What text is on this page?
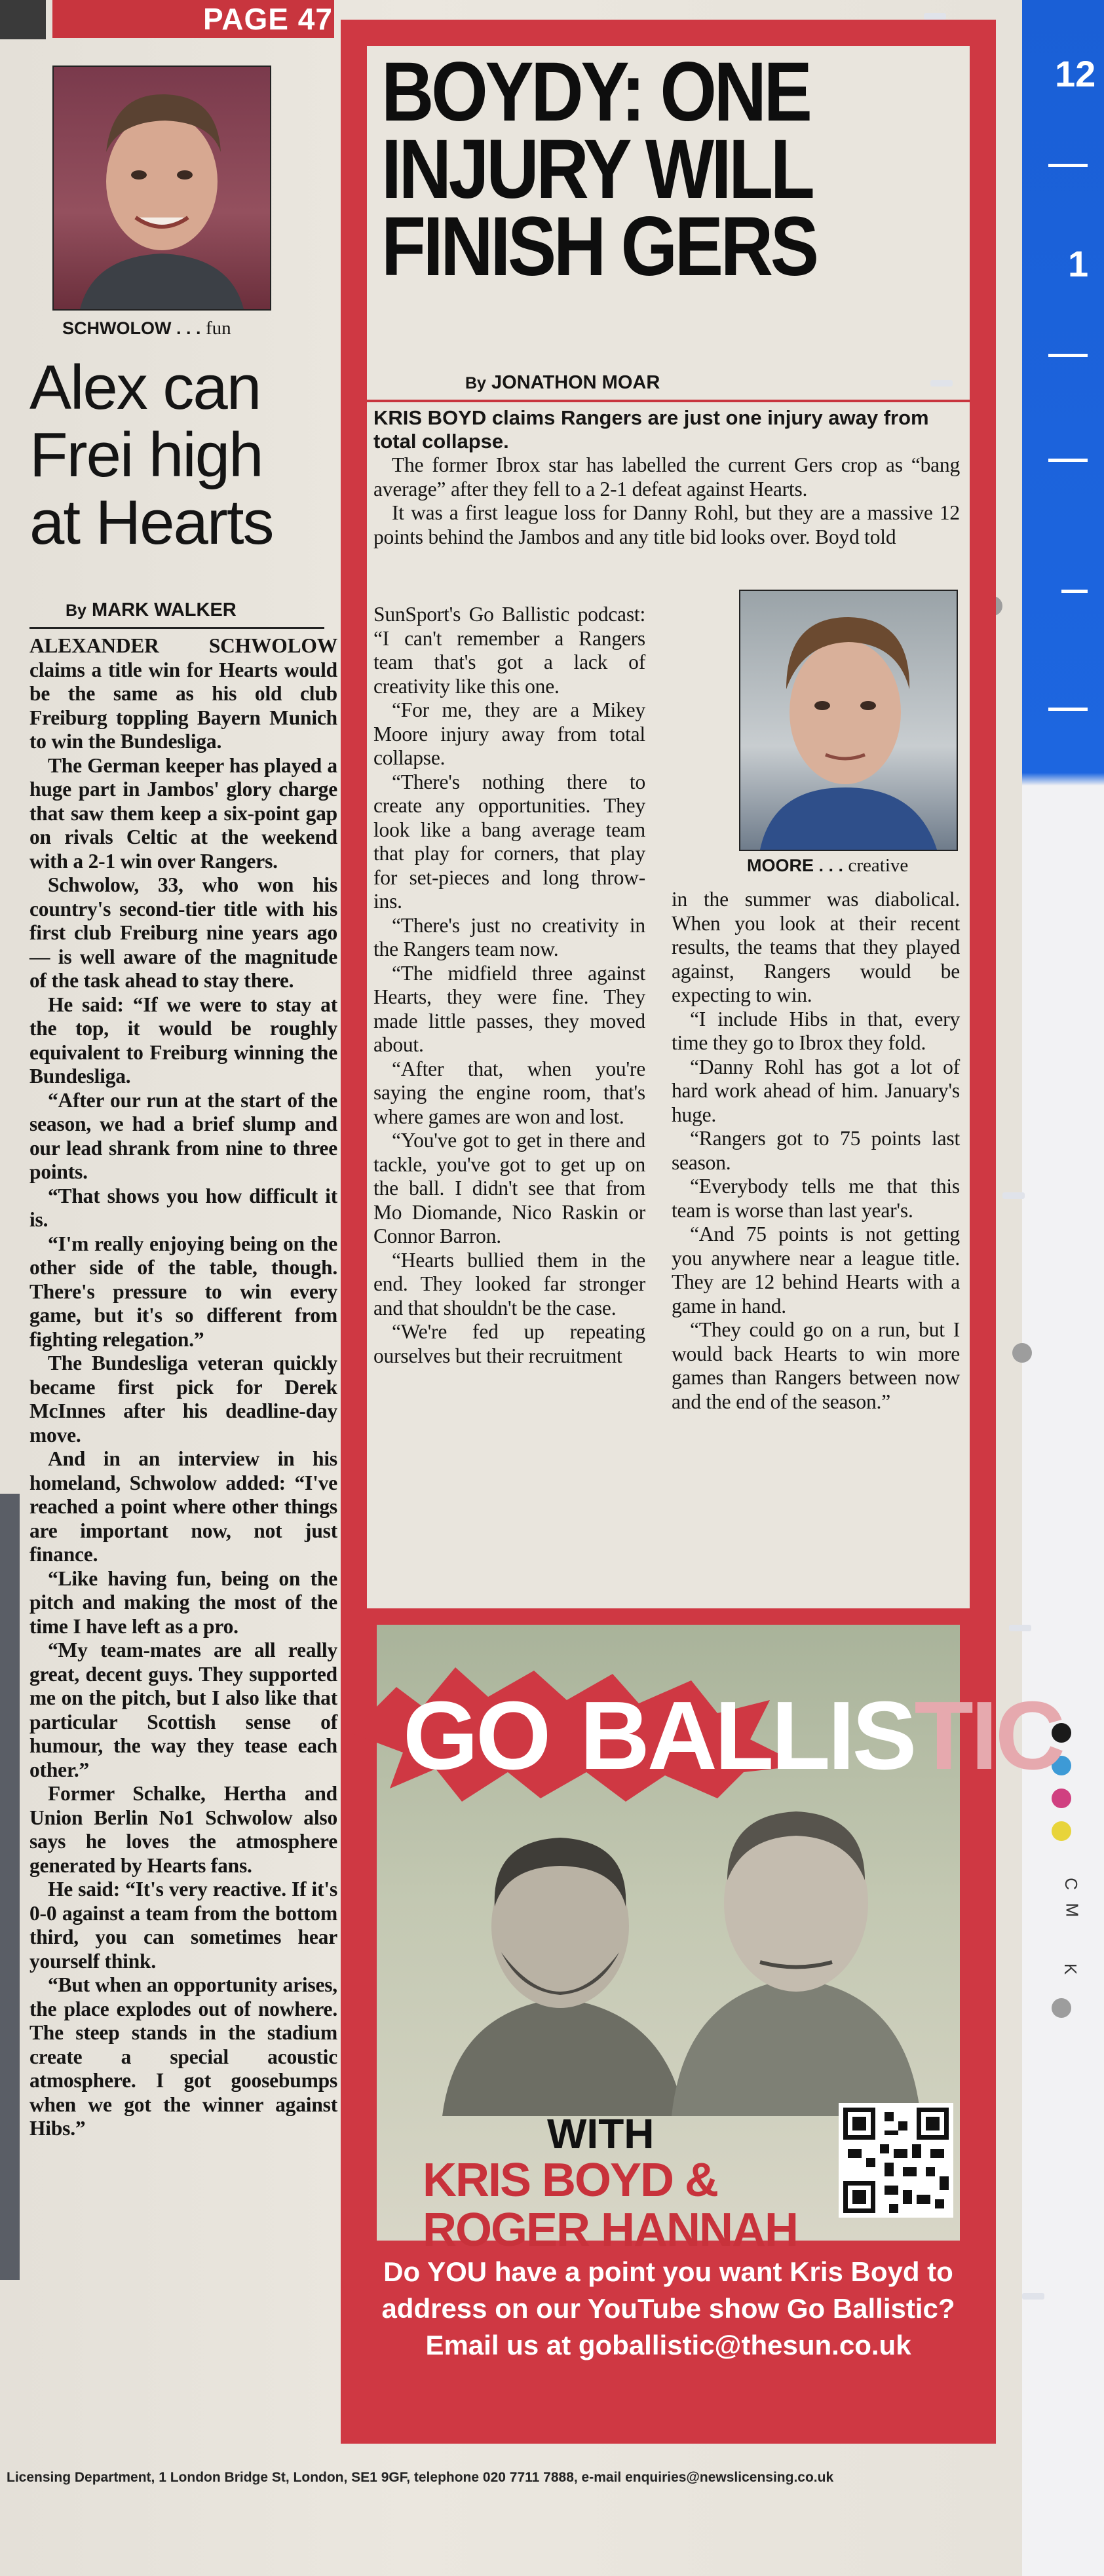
12
1
C
M
K
PAGE 47
SCHWOLOW . . . fun
Alex can Frei high at Hearts
By MARK WALKER

ALEXANDER SCHWOLOW claims a title win for Hearts would be the same as his old club Freiburg toppling Bayern Munich to win the Bundesliga.

The German keeper has played a huge part in Jambos' glory charge that saw them keep a six-point gap on rivals Celtic at the weekend with a 2-1 win over Rangers.

Schwolow, 33, who won his country's second-tier title with his first club Freiburg nine years ago — is well aware of the magnitude of the task ahead to stay there.

He said: “If we were to stay at the top, it would be roughly equivalent to Freiburg winning the Bundesliga.

“After our run at the start of the season, we had a brief slump and our lead shrank from nine to three points.

“That shows you how difficult it is.

“I'm really enjoying being on the other side of the table, though. There's pressure to win every game, but it's so different from fighting relegation.”

The Bundesliga veteran quickly became first pick for Derek McInnes after his deadline-day move.

And in an interview in his homeland, Schwolow added: “I've reached a point where other things are important now, not just finance.

“Like having fun, being on the pitch and making the most of the time I have left as a pro.

“My team-mates are all really great, decent guys. They supported me on the pitch, but I also like that particular Scottish sense of humour, the way they tease each other.”

Former Schalke, Hertha and Union Berlin No1 Schwolow also says he loves the atmosphere generated by Hearts fans.

He said: “It's very reactive. If it's 0-0 against a team from the bottom third, you can sometimes hear yourself think.

“But when an opportunity arises, the place explodes out of nowhere. The steep stands in the stadium create a special acoustic atmosphere. I got goosebumps when we got the winner against Hibs.”

BOYDY: ONE INJURY WILL FINISH GERS
By JONATHON MOAR
KRIS BOYD claims Rangers are just one injury away from total collapse.

The former Ibrox star has labelled the current Gers crop as “bang average” after they fell to a 2-1 defeat against Hearts.

It was a first league loss for Danny Rohl, but they are a massive 12 points behind the Jambos and any title bid looks over. Boyd told

MOORE . . . creative

SunSport's Go Ballistic podcast: “I can't remember a Rangers team that's got a lack of creativity like this one.

“For me, they are a Mikey Moore injury away from total collapse.

“There's nothing there to create any opportunities. They look like a bang average team that play for corners, that play for set-pieces and long throw-ins.

“There's just no creativity in the Rangers team now.

“The midfield three against Hearts, they were fine. They made little passes, they moved about.

“After that, when you're saying the engine room, that's where games are won and lost.

“You've got to get in there and tackle, you've got to get up on the ball. I didn't see that from Mo Diomande, Nico Raskin or Connor Barron.

“Hearts bullied them in the end. They looked far stronger and that shouldn't be the case.

“We're fed up repeating ourselves but their recruitment

in the summer was diabolical. When you look at their recent results, the teams that they played against, Rangers would be expecting to win.

“I include Hibs in that, every time they go to Ibrox they fold.

“Danny Rohl has got a lot of hard work ahead of him. January's huge.

“Rangers got to 75 points last season.

“Everybody tells me that this team is worse than last year's.

“And 75 points is not getting you anywhere near a league title. They are 12 behind Hearts with a game in hand.

“They could go on a run, but I would back Hearts to win more games than Rangers between now and the end of the season.”

GO BALLISTIC
WITH
KRIS BOYD &
ROGER HANNAH
Do YOU have a point you want Kris Boyd to
address on our YouTube show Go Ballistic?
Email us at goballistic@thesun.co.uk
Licensing Department, 1 London Bridge St, London, SE1 9GF, telephone 020 7711 7888, e-mail enquiries@newslicensing.co.uk
